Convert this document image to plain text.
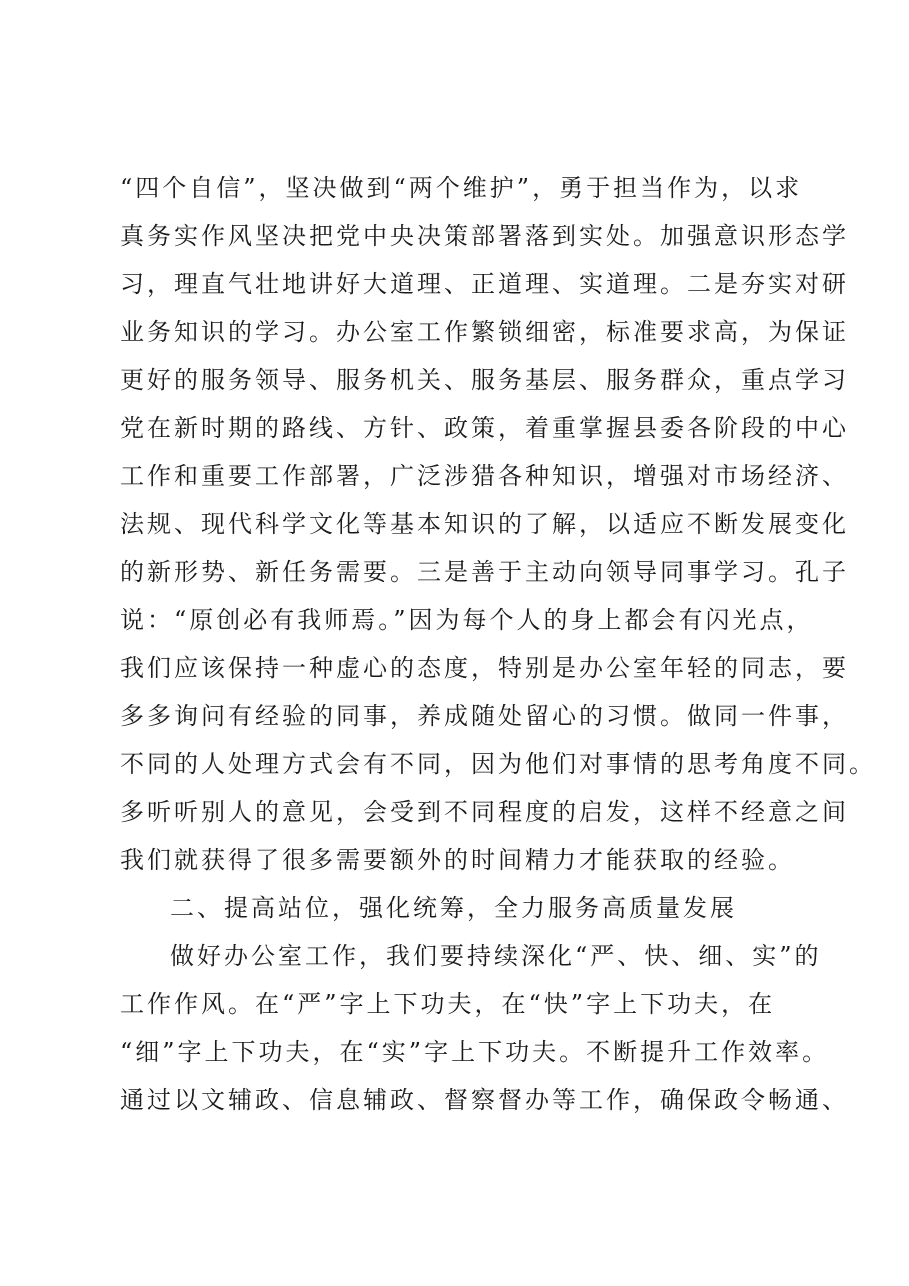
“四个自信”，坚决做到“两个维护”，勇于担当作为，以求
真务实作风坚决把党中央决策部署落到实处。加强意识形态学
习，理直气壮地讲好大道理、正道理、实道理。二是夯实对研
业务知识的学习。办公室工作繁锁细密，标准要求高，为保证
更好的服务领导、服务机关、服务基层、服务群众，重点学习
党在新时期的路线、方针、政策，着重掌握县委各阶段的中心
工作和重要工作部署，广泛涉猎各种知识，增强对市场经济、
法规、现代科学文化等基本知识的了解，以适应不断发展变化
的新形势、新任务需要。三是善于主动向领导同事学习。孔子
说：“原创必有我师焉。”因为每个人的身上都会有闪光点，
我们应该保持一种虚心的态度，特别是办公室年轻的同志，要
多多询问有经验的同事，养成随处留心的习惯。做同一件事，
不同的人处理方式会有不同，因为他们对事情的思考角度不同。
多听听别人的意见，会受到不同程度的启发，这样不经意之间
我们就获得了很多需要额外的时间精力才能获取的经验。
二、提高站位，强化统筹，全力服务高质量发展
做好办公室工作，我们要持续深化“严、快、细、实”的
工作作风。在“严”字上下功夫，在“快”字上下功夫，在
“细”字上下功夫，在“实”字上下功夫。不断提升工作效率。
通过以文辅政、信息辅政、督察督办等工作，确保政令畅通、
